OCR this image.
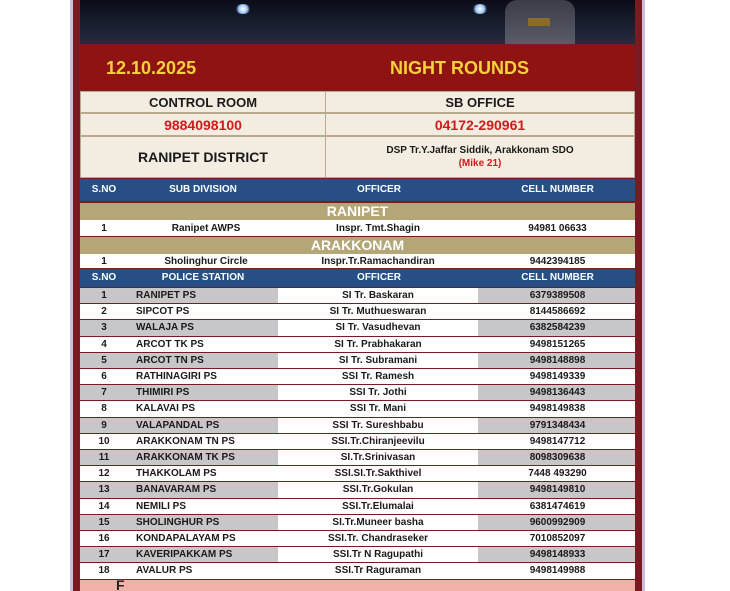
12.10.2025	NIGHT ROUNDS
CONTROL ROOM	SB OFFICE
9884098100	04172-290961
RANIPET DISTRICT	DSP Tr.Y.Jaffar Siddik, Arakkonam SDO
(Mike 21)
S.NO	SUB DIVISION	OFFICER	CELL NUMBER
RANIPET
1	Ranipet AWPS	Inspr. Tmt.Shagin	94981 06633
ARAKKONAM
1	Sholinghur Circle	Inspr.Tr.Ramachandiran	9442394185
S.NO	POLICE STATION	OFFICER	CELL NUMBER
1	RANIPET PS	SI Tr. Baskaran	6379389508
2	SIPCOT PS	SI Tr. Muthueswaran	8144586692
3	WALAJA PS	SI Tr. Vasudhevan	6382584239
4	ARCOT TK PS	SI Tr. Prabhakaran	9498151265
5	ARCOT TN PS	SI Tr. Subramani	9498148898
6	RATHINAGIRI PS	SSI Tr. Ramesh	9498149339
7	THIMIRI PS	SSI Tr. Jothi	9498136443
8	KALAVAI PS	SSI Tr. Mani	9498149838
9	VALAPANDAL PS	SSI Tr. Sureshbabu	9791348434
10	ARAKKONAM TN PS	SSI.Tr.Chiranjeevilu	9498147712
11	ARAKKONAM TK PS	SI.Tr.Srinivasan	8098309638
12	THAKKOLAM PS	SSI.SI.Tr.Sakthivel	7448 493290
13	BANAVARAM PS	SSI.Tr.Gokulan	9498149810
14	NEMILI PS	SSI.Tr.Elumalai	6381474619
15	SHOLINGHUR PS	SI.Tr.Muneer basha	9600992909
16	KONDAPALAYAM PS	SSI.Tr. Chandraseker	7010852097
17	KAVERIPAKKAM PS	SSI.Tr N Ragupathi	9498148933
18	AVALUR PS	SSI.Tr Raguraman	9498149988
F
